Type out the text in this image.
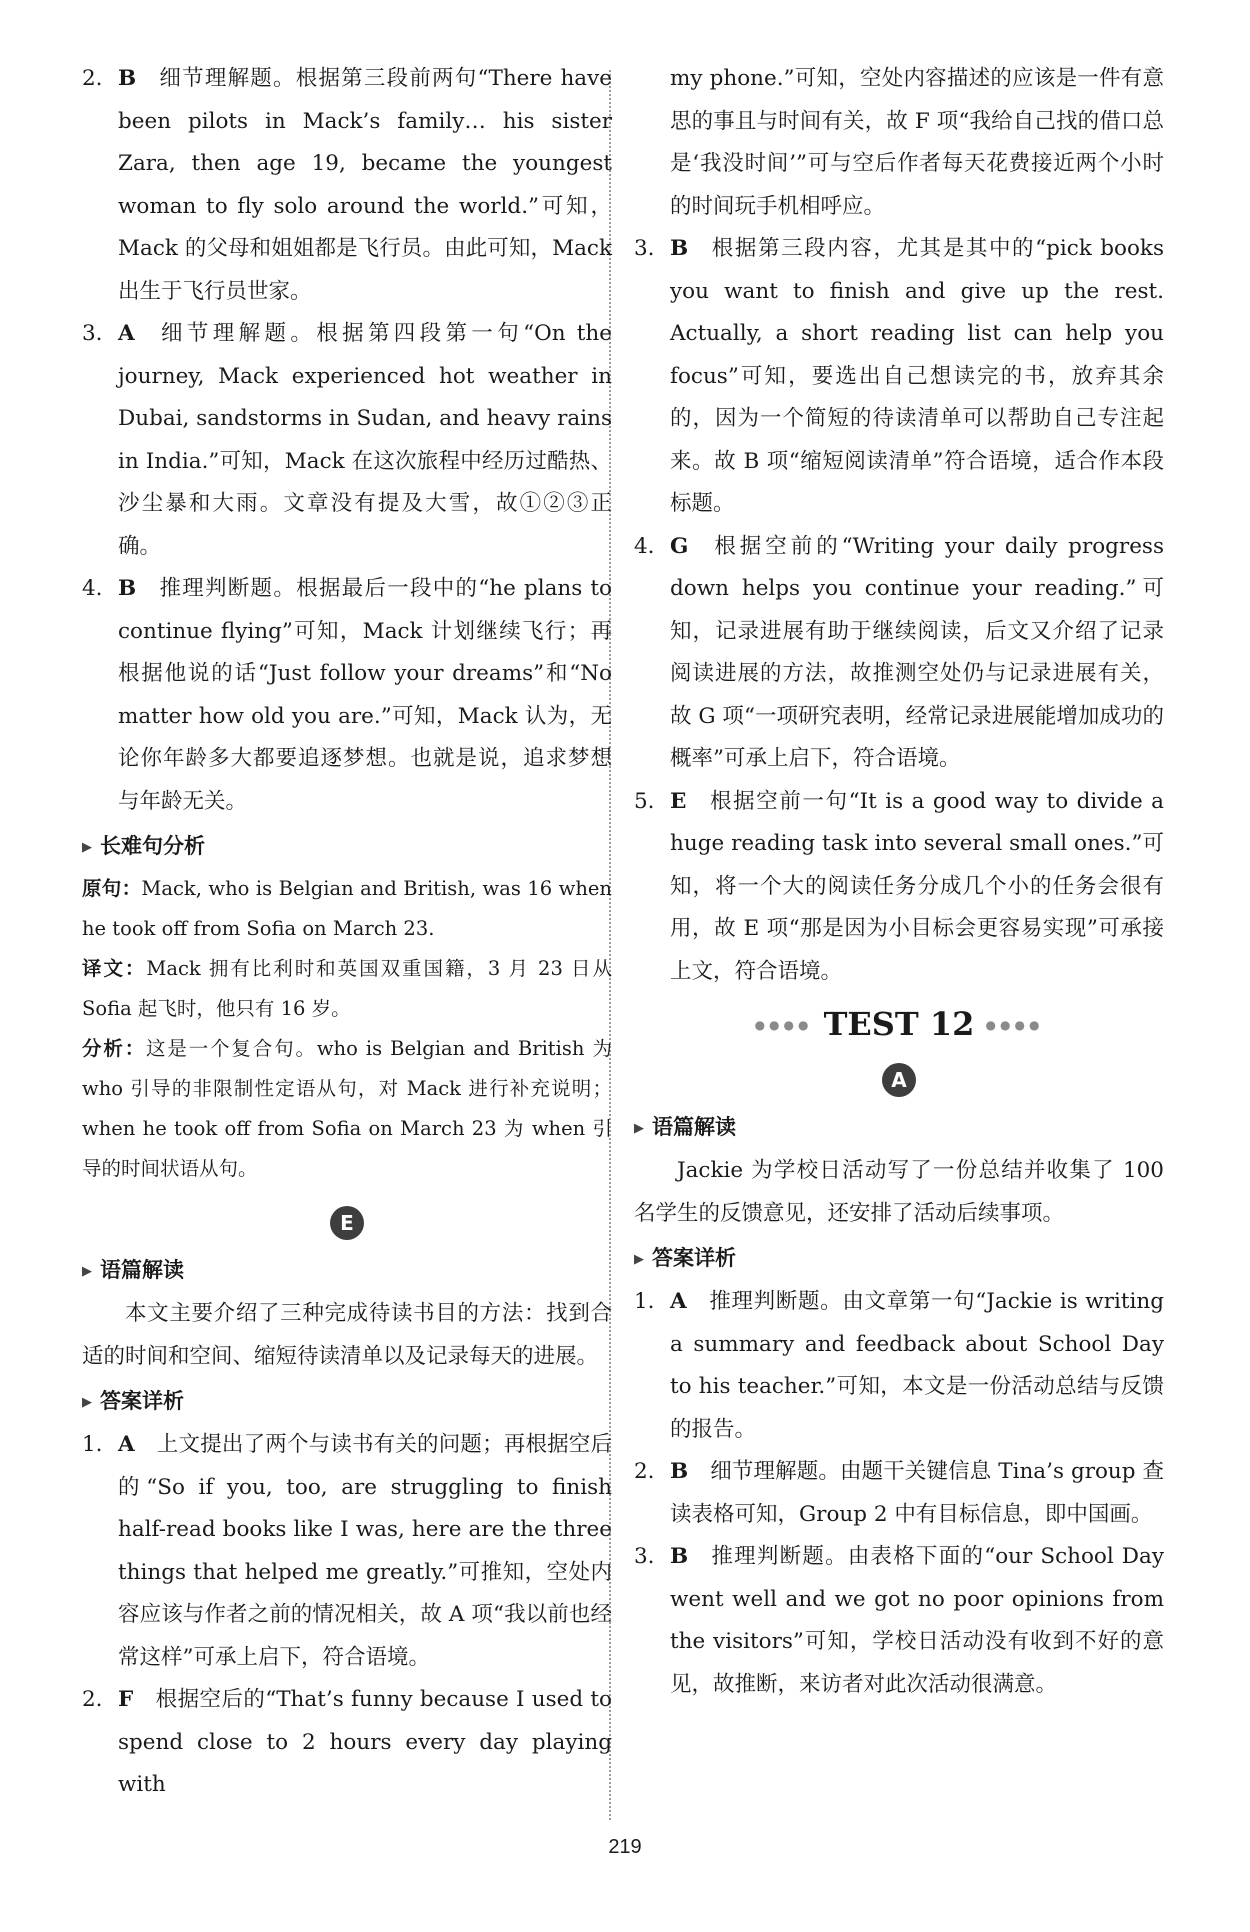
2. B 细节理解题。根据第三段前两句“There have been pilots in Mack’s family… his sister Zara, then age 19, became the youngest woman to fly solo around the world.”可知，Mack 的父母和姐姐都是飞行员。由此可知，Mack 出生于飞行员世家。
3. A 细节理解题。根据第四段第一句“On the journey, Mack experienced hot weather in Dubai, sandstorms in Sudan, and heavy rains in India.”可知，Mack 在这次旅程中经历过酷热、沙尘暴和大雨。文章没有提及大雪，故①②③正确。
4. B 推理判断题。根据最后一段中的“he plans to continue flying”可知，Mack 计划继续飞行；再根据他说的话“Just follow your dreams”和“No matter how old you are.”可知，Mack 认为，无论你年龄多大都要追逐梦想。也就是说，追求梦想与年龄无关。
▶ 长难句分析
原句：Mack, who is Belgian and British, was 16 when he took off from Sofia on March 23.
译文：Mack 拥有比利时和英国双重国籍，3 月 23 日从 Sofia 起飞时，他只有 16 岁。
分析：这是一个复合句。who is Belgian and British 为 who 引导的非限制性定语从句，对 Mack 进行补充说明；when he took off from Sofia on March 23 为 when 引导的时间状语从句。
E
▶ 语篇解读
本文主要介绍了三种完成待读书目的方法：找到合适的时间和空间、缩短待读清单以及记录每天的进展。
▶ 答案详析
1. A 上文提出了两个与读书有关的问题；再根据空后的“So if you, too, are struggling to finish half-read books like I was, here are the three things that helped me greatly.”可推知，空处内容应该与作者之前的情况相关，故 A 项“我以前也经常这样”可承上启下，符合语境。
2. F 根据空后的“That’s funny because I used to spend close to 2 hours every day playing with
my phone.”可知，空处内容描述的应该是一件有意思的事且与时间有关，故 F 项“我给自己找的借口总是‘我没时间’”可与空后作者每天花费接近两个小时的时间玩手机相呼应。
3. B 根据第三段内容，尤其是其中的“pick books you want to finish and give up the rest. Actually, a short reading list can help you focus”可知，要选出自己想读完的书，放弃其余的，因为一个简短的待读清单可以帮助自己专注起来。故 B 项“缩短阅读清单”符合语境，适合作本段标题。
4. G 根据空前的“Writing your daily progress down helps you continue your reading.”可知，记录进展有助于继续阅读，后文又介绍了记录阅读进展的方法，故推测空处仍与记录进展有关，故 G 项“一项研究表明，经常记录进展能增加成功的概率”可承上启下，符合语境。
5. E 根据空前一句“It is a good way to divide a huge reading task into several small ones.”可知，将一个大的阅读任务分成几个小的任务会很有用，故 E 项“那是因为小目标会更容易实现”可承接上文，符合语境。
●●●● TEST 12 ●●●●
A
▶ 语篇解读
Jackie 为学校日活动写了一份总结并收集了 100 名学生的反馈意见，还安排了活动后续事项。
▶ 答案详析
1. A 推理判断题。由文章第一句“Jackie is writing a summary and feedback about School Day to his teacher.”可知，本文是一份活动总结与反馈的报告。
2. B 细节理解题。由题干关键信息 Tina’s group 查读表格可知，Group 2 中有目标信息，即中国画。
3. B 推理判断题。由表格下面的“our School Day went well and we got no poor opinions from the visitors”可知，学校日活动没有收到不好的意见，故推断，来访者对此次活动很满意。
219
